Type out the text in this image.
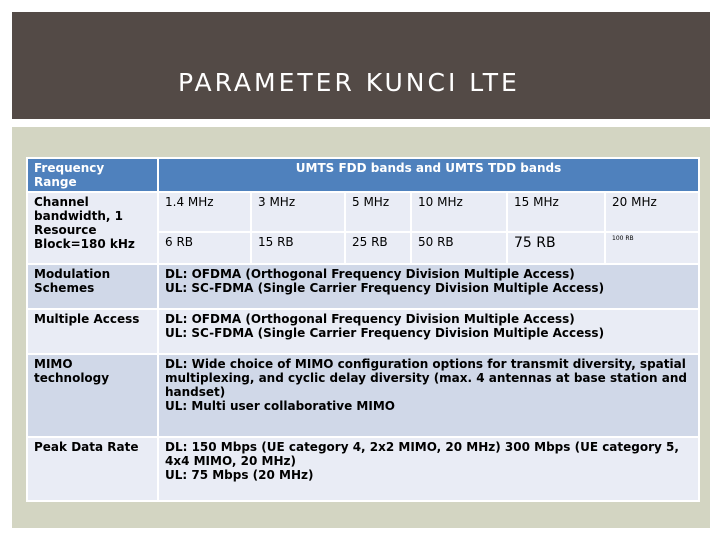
PARAMETER KUNCI LTE
Frequency Range	UMTS FDD bands and UMTS TDD bands					
Channel bandwidth, 1 Resource Block=180 kHz	1.4 MHz	3 MHz	5 MHz	10 MHz	15 MHz	20 MHz
	6 RB	15 RB	25 RB	50 RB	75 RB	100 RB
Modulation Schemes	DL: OFDMA (Orthogonal Frequency Division Multiple Access)
UL: SC-FDMA (Single Carrier Frequency Division Multiple Access)					
Multiple Access	DL: OFDMA (Orthogonal Frequency Division Multiple Access)
UL: SC-FDMA (Single Carrier Frequency Division Multiple Access)					
MIMO technology	DL: Wide choice of MIMO configuration options for transmit diversity, spatial multiplexing, and cyclic delay diversity (max. 4 antennas at base station and handset)
UL: Multi user collaborative MIMO					
Peak Data Rate	DL: 150 Mbps (UE category 4, 2x2 MIMO, 20 MHz) 300 Mbps (UE category 5, 4x4 MIMO, 20 MHz)
UL: 75 Mbps (20 MHz)					
